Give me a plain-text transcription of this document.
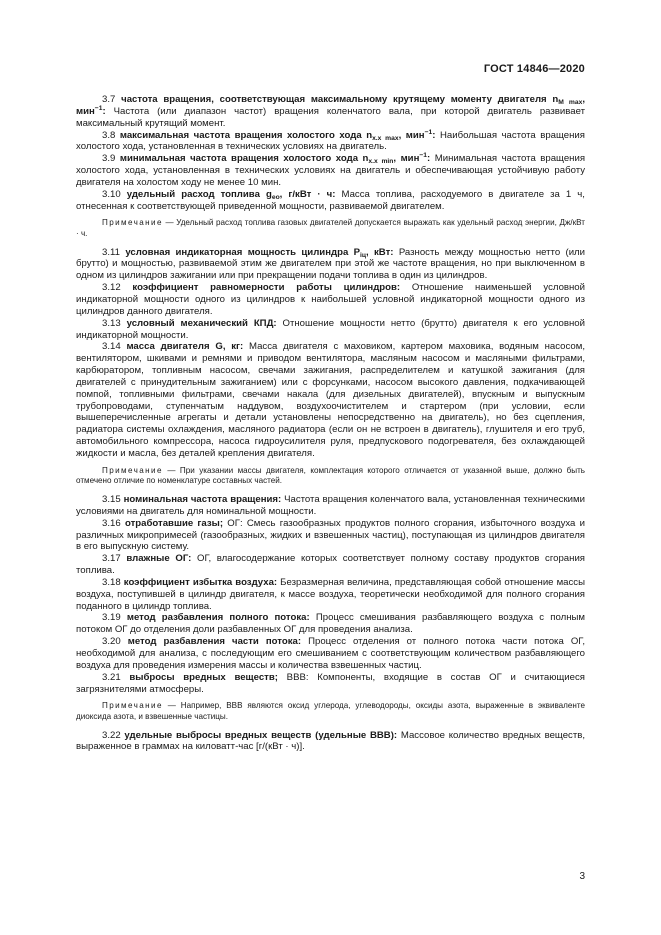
ГОСТ 14846—2020

3.7 частота вращения, соответствующая максимальному крутящему моменту двигателя $n_{M max}$, мин$^{-1}$: Частота (или диапазон частот) вращения коленчатого вала, при которой двигатель развивает максимальный крутящий момент.

3.8 максимальная частота вращения холостого хода $n_{x.x max}$, мин$^{-1}$: Наибольшая частота вращения холостого хода, установленная в технических условиях на двигатель.

3.9 минимальная частота вращения холостого хода $n_{x.x min}$, мин$^{-1}$: Минимальная частота вращения холостого хода, установленная в технических условиях на двигатель и обеспечивающая устойчивую работу двигателя на холостом ходу не менее 10 мин.

3.10 удельный расход топлива $g_{eo}$, г/кВт · ч: Масса топлива, расходуемого в двигателе за 1 ч, отнесенная к соответствующей приведенной мощности, развиваемой двигателем.

Примечание — Удельный расход топлива газовых двигателей допускается выражать как удельный расход энергии, Дж/кВт · ч.

3.11 условная индикаторная мощность цилиндра $P_{iц}$, кВт: Разность между мощностью нетто (или брутто) и мощностью, развиваемой этим же двигателем при этой же частоте вращения, но при выключенном в одном из цилиндров зажигании или при прекращении подачи топлива в один из цилиндров.

3.12 коэффициент равномерности работы цилиндров: Отношение наименьшей условной индикаторной мощности одного из цилиндров к наибольшей условной индикаторной мощности одного из цилиндров данного двигателя.

3.13 условный механический КПД: Отношение мощности нетто (брутто) двигателя к его условной индикаторной мощности.

3.14 масса двигателя G, кг: Масса двигателя с маховиком, картером маховика, водяным насосом, вентилятором, шкивами и ремнями и приводом вентилятора, масляным насосом и масляными фильтрами, карбюратором, топливным насосом, свечами зажигания, распределителем и катушкой зажигания (для двигателей с принудительным зажиганием) или с форсунками, насосом высокого давления, подкачивающей помпой, топливными фильтрами, свечами накала (для дизельных двигателей), впускным и выпускным трубопроводами, ступенчатым наддувом, воздухоочистителем и стартером (при условии, если вышеперечисленные агрегаты и детали установлены непосредственно на двигатель), но без сцепления, радиатора системы охлаждения, масляного радиатора (если он не встроен в двигатель), глушителя и его труб, автомобильного компрессора, насоса гидроусилителя руля, предпускового подогревателя, без охлаждающей жидкости и масла, без деталей крепления двигателя.

Примечание — При указании массы двигателя, комплектация которого отличается от указанной выше, должно быть отмечено отличие по номенклатуре составных частей.

3.15 номинальная частота вращения: Частота вращения коленчатого вала, установленная техническими условиями на двигатель для номинальной мощности.

3.16 отработавшие газы; ОГ: Смесь газообразных продуктов полного сгорания, избыточного воздуха и различных микропримесей (газообразных, жидких и взвешенных частиц), поступающая из цилиндров двигателя в его выпускную систему.

3.17 влажные ОГ: ОГ, влагосодержание которых соответствует полному составу продуктов сгорания топлива.

3.18 коэффициент избытка воздуха: Безразмерная величина, представляющая собой отношение массы воздуха, поступившей в цилиндр двигателя, к массе воздуха, теоретически необходимой для полного сгорания поданного в цилиндр топлива.

3.19 метод разбавления полного потока: Процесс смешивания разбавляющего воздуха с полным потоком ОГ до отделения доли разбавленных ОГ для проведения анализа.

3.20 метод разбавления части потока: Процесс отделения от полного потока части потока ОГ, необходимой для анализа, с последующим его смешиванием с соответствующим количеством разбавляющего воздуха для проведения измерения массы и количества взвешенных частиц.

3.21 выбросы вредных веществ; ВВВ: Компоненты, входящие в состав ОГ и считающиеся загрязнителями атмосферы.

Примечание — Например, ВВВ являются оксид углерода, углеводороды, оксиды азота, выраженные в эквиваленте диоксида азота, и взвешенные частицы.

3.22 удельные выбросы вредных веществ (удельные ВВВ): Массовое количество вредных веществ, выраженное в граммах на киловатт-час [г/(кВт · ч)].

3
